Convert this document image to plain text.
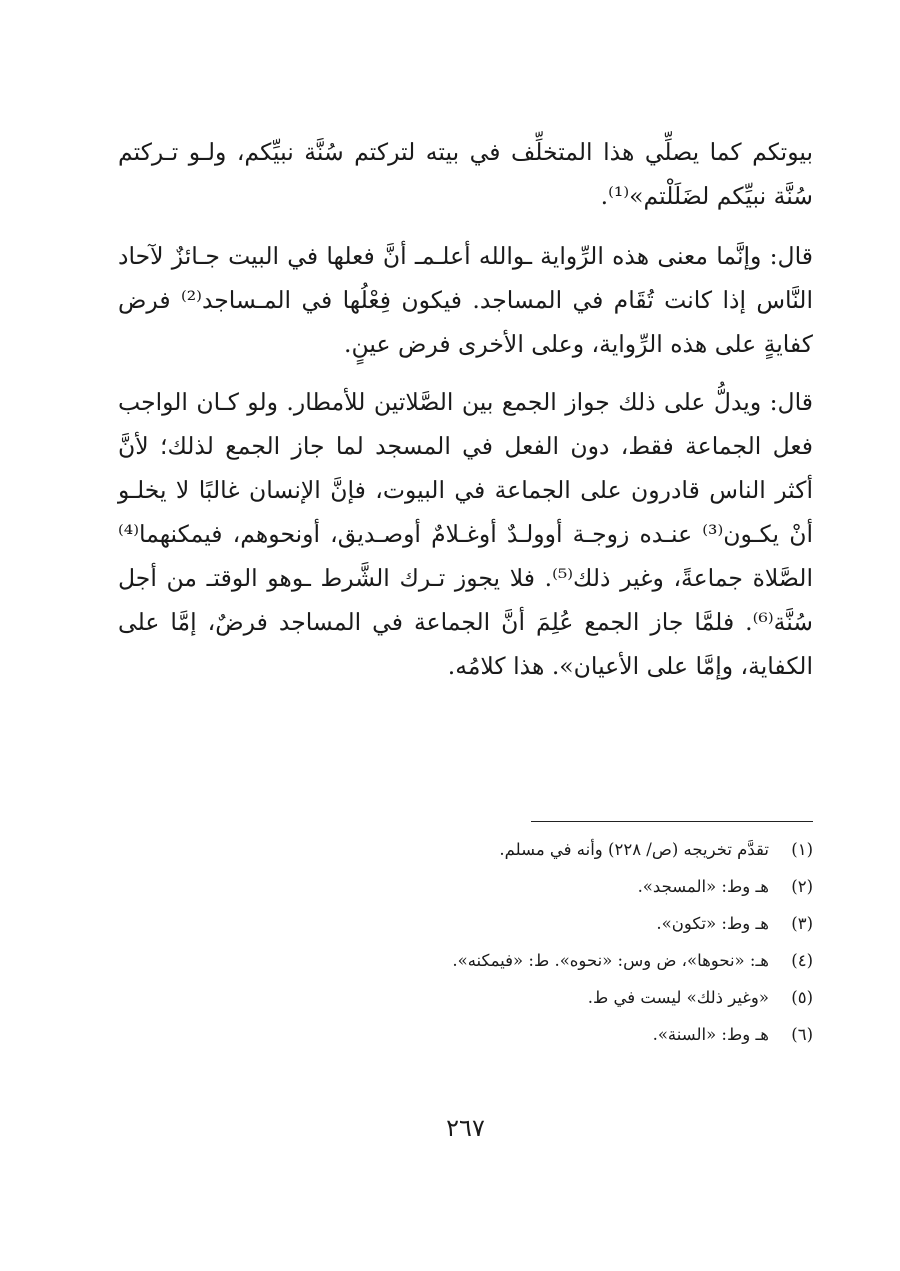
بيوتكم كما يصلِّي هذا المتخلِّف في بيته لتركتم سُنَّة نبيِّكم، ولـو تـركتم سُنَّة نبيِّكم لضَلَلْتم»⁽¹⁾.

قال: وإنَّما معنى هذه الرِّواية ـوالله أعلـمـ أنَّ فعلها في البيت جـائزٌ لآحاد النَّاس إذا كانت تُقَام في المساجد. فيكون فِعْلُها في المـساجد⁽²⁾ فرض كفايةٍ على هذه الرِّواية، وعلى الأخرى فرض عينٍ.

قال: ويدلُّ على ذلك جواز الجمع بين الصَّلاتين للأمطار. ولو كـان الواجب فعل الجماعة فقط، دون الفعل في المسجد لما جاز الجمع لذلك؛ لأنَّ أكثر الناس قادرون على الجماعة في البيوت، فإنَّ الإنسان غالبًا لا يخلـو أنْ يكـون⁽³⁾ عنـده زوجـة أوولـدٌ أوغـلامٌ أوصـديق، أونحوهم، فيمكنهما⁽⁴⁾ الصَّلاة جماعةً، وغير ذلك⁽⁵⁾. فلا يجوز تـرك الشَّرط ـوهو الوقتـ من أجل سُنَّة⁽⁶⁾. فلمَّا جاز الجمع عُلِمَ أنَّ الجماعة في المساجد فرضٌ، إمَّا على الكفاية، وإمَّا على الأعيان». هذا كلامُه.

(١)تقدَّم تخريجه (ص/ ٢٢٨) وأنه في مسلم.
(٢)هـ وط: «المسجد».
(٣)هـ وط: «تكون».
(٤)هـ: «نحوها»، ض وس: «نحوه». ط: «فيمكنه».
(٥)«وغير ذلك» ليست في ط.
(٦)هـ وط: «السنة».
٢٦٧
